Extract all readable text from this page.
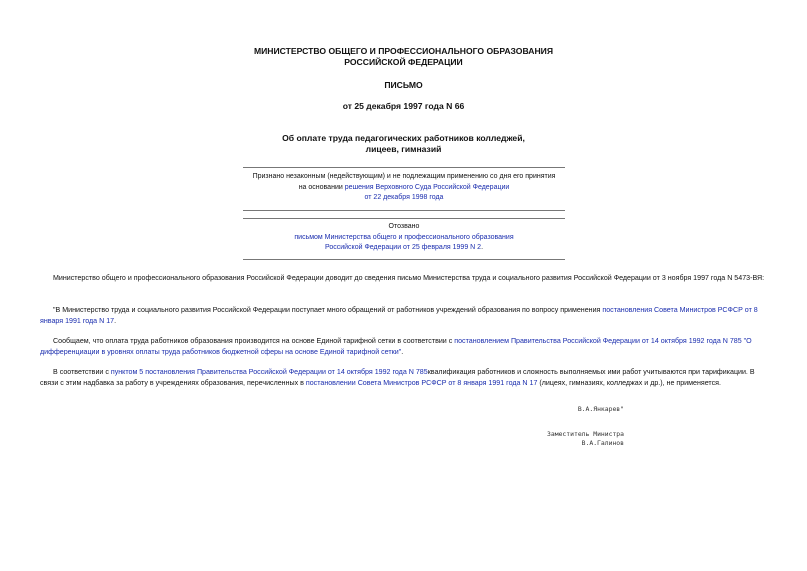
МИНИСТЕРСТВО ОБЩЕГО И ПРОФЕССИОНАЛЬНОГО ОБРАЗОВАНИЯ
РОССИЙСКОЙ ФЕДЕРАЦИИ
ПИСЬМО
от 25 декабря 1997 года N 66
Об оплате труда педагогических работников колледжей,
лицеев, гимназий
Признано незаконным (недействующим) и не подлежащим применению со дня его принятия
на основании решения Верховного Суда Российской Федерации
от 22 декабря 1998 года
Отозвано
письмом Министерства общего и профессионального образования
Российской Федерации от 25 февраля 1999 N 2.
Министерство общего и профессионального образования Российской Федерации доводит до сведения письмо Министерства труда и социального развития Российской Федерации от 3 ноября 1997 года N 5473-ВЯ:
"В Министерство труда и социального развития Российской Федерации поступает много обращений от работников учреждений образования по вопросу применения постановления Совета Министров РСФСР от 8 января 1991 года N 17.
Сообщаем, что оплата труда работников образования производится на основе Единой тарифной сетки в соответствии с постановлением Правительства Российской Федерации от 14 октября 1992 года N 785 "О дифференциации в уровнях оплаты труда работников бюджетной сферы на основе Единой тарифной сетки".
В соответствии с пунктом 5 постановления Правительства Российской Федерации от 14 октября 1992 года N 785квалификация работников и сложность выполняемых ими работ учитываются при тарификации. В связи с этим надбавка за работу в учреждениях образования, перечисленных в постановлении Совета Министров РСФСР от 8 января 1991 года N 17 (лицеях, гимназиях, колледжах и др.), не применяется.
В.А.Янкарев"
Заместитель Министра
В.А.Галинов
